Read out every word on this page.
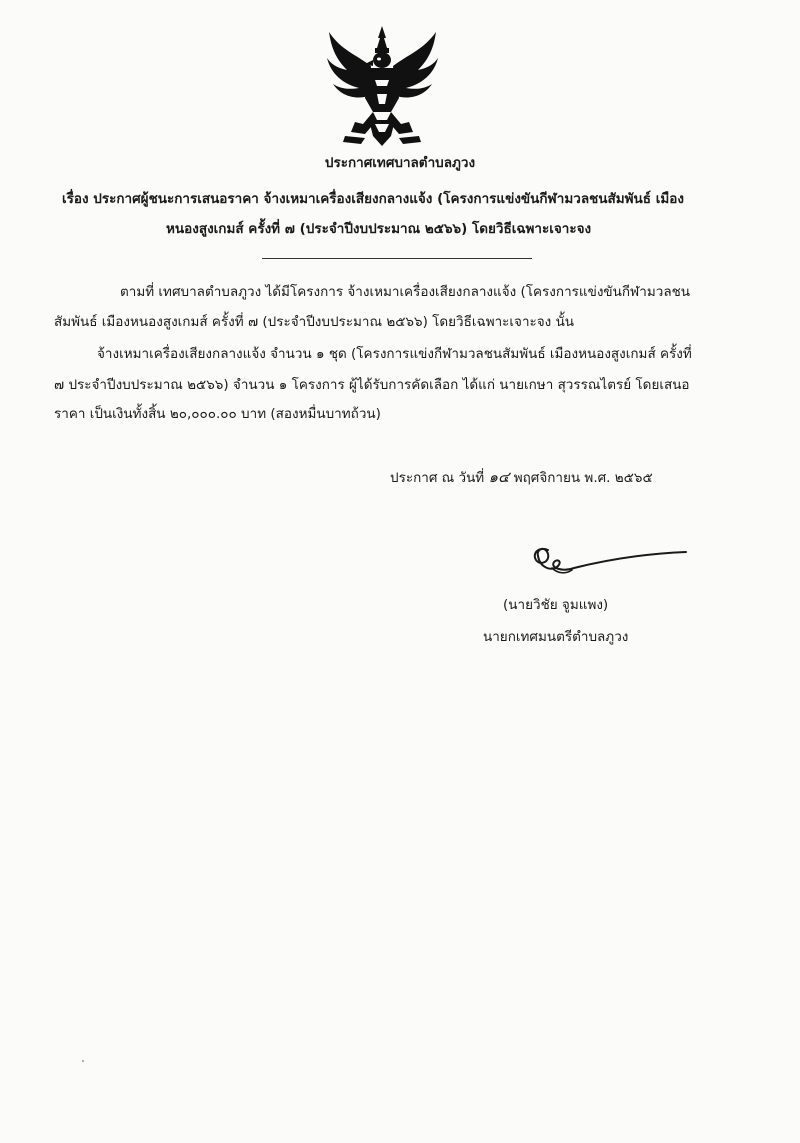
ประกาศเทศบาลตำบลภูวง
เรื่อง ประกาศผู้ชนะการเสนอราคา จ้างเหมาเครื่องเสียงกลางแจ้ง (โครงการแข่งขันกีฬามวลชนสัมพันธ์ เมือง
หนองสูงเกมส์ ครั้งที่ ๗ (ประจำปีงบประมาณ ๒๕๖๖) โดยวิธีเฉพาะเจาะจง
ตามที่ เทศบาลตำบลภูวง ได้มีโครงการ จ้างเหมาเครื่องเสียงกลางแจ้ง (โครงการแข่งขันกีฬามวลชน
สัมพันธ์ เมืองหนองสูงเกมส์ ครั้งที่ ๗ (ประจำปีงบประมาณ ๒๕๖๖) โดยวิธีเฉพาะเจาะจง นั้น
จ้างเหมาเครื่องเสียงกลางแจ้ง จำนวน ๑ ชุด (โครงการแข่งกีฬามวลชนสัมพันธ์ เมืองหนองสูงเกมส์ ครั้งที่
๗ ประจำปีงบประมาณ ๒๕๖๖) จำนวน ๑ โครงการ ผู้ได้รับการคัดเลือก ได้แก่ นายเกษา สุวรรณไตรย์ โดยเสนอ
ราคา เป็นเงินทั้งสิ้น ๒๐,๐๐๐.๐๐ บาท (สองหมื่นบาทถ้วน)
ประกาศ ณ วันที่ ๑๔ พฤศจิกายน พ.ศ. ๒๕๖๕
(นายวิชัย จูมแพง)
นายกเทศมนตรีตำบลภูวง
